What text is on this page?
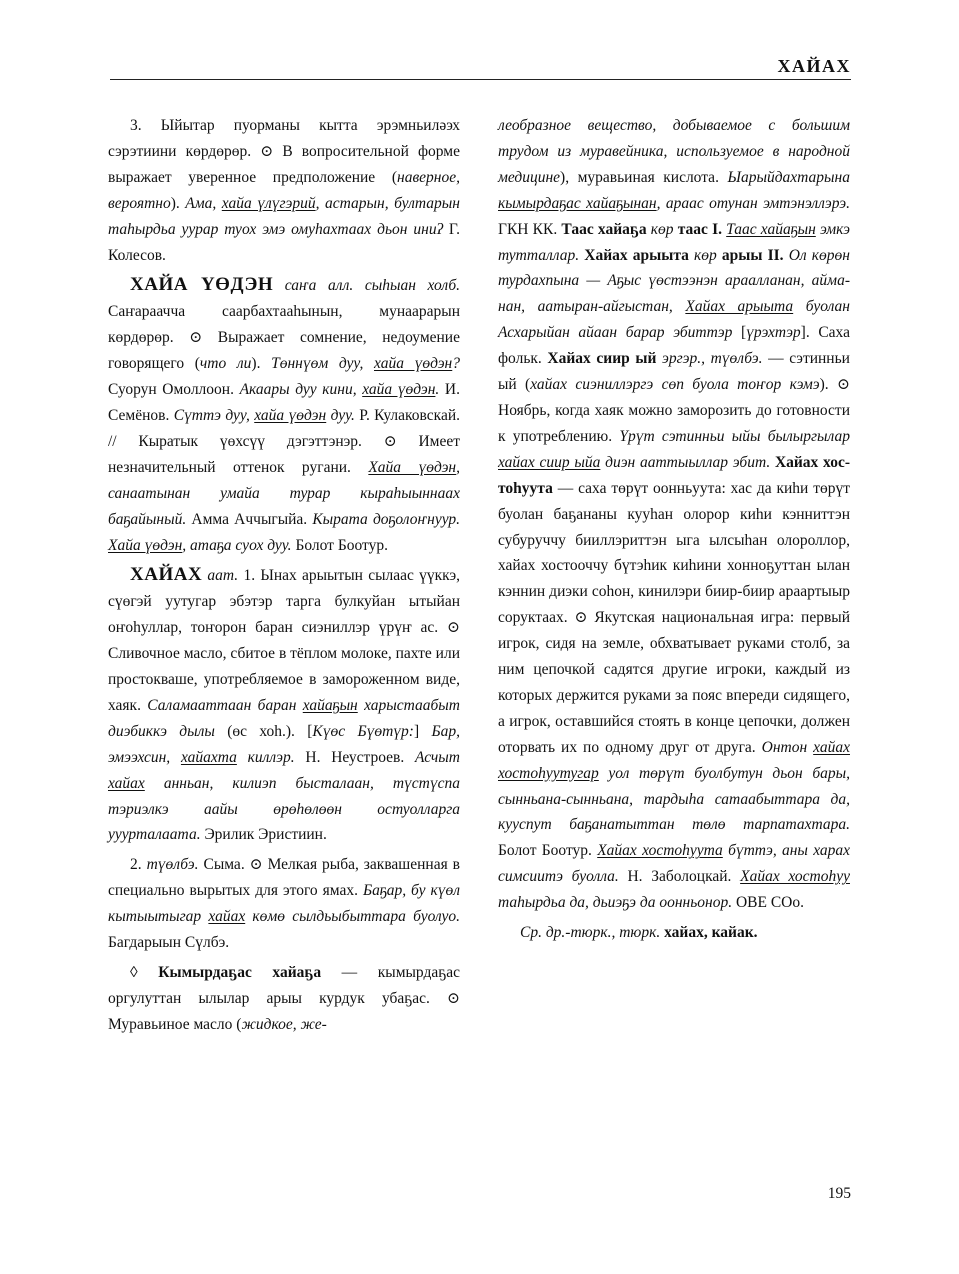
ХАЙАХ

3. Ыйытар пуорманы кытта эрэмньиләэх сэрэтиини көрдөрөр. ⊙ В вопросительной форме выражает уверенное предположение (наверное, вероятно). Ама, хайа үлүгэрий, астарын, бултарын таһырдьа уурар туох эмэ омуһахтаах дьон иниʔ Г. Колесов.

ХАЙА ҮӨДЭН саҥа алл. сыһыан холб. Саҥараачча саарбахтааһынын, мунаарарын көрдөрөр. ⊙ Выражает сомнение, недоумение говорящего (что ли). Төннүөм дуу, хайа үөдэн? Суорун Омоллоон. Акаары дуу кини, хайа үөдэн. И. Семёнов. Сүттэ дуу, хайа үөдэн дуу. Р. Кулаковскай. // Кыратык үөхсүү дэгэттэнэр. ⊙ Имеет незначительный оттенок ругани. Хайа үөдэн, санаатынан умайа турар кыраһыыннаах баҕайыный. Амма Аччыгыйа. Кырата доҕолоҥнуур. Хайа үөдэн, атаҕа суох дуу. Болот Боотур.

ХАЙАХ аат. 1. Ынах арыытын сылаас үүккэ, сүөгэй уутугар эбэтэр тарга булкуйан ытыйан оҥоһуллар, тоҥорон баран сиэниллэр үрүҥ ас. ⊙ Сливочное масло, сбитое в тёплом молоке, пахте или простокваше, употребляемое в замороженном виде, хаяк. Саламааттаан баран хайаҕын харыстаабыт диэбиккэ дылы (өс хоһ.). [Күөс Бүөтүр:] Бар, эмээхсин, хайахта киллэр. Н. Неустроев. Асчыт хайах анньан, килиэп бысталаан, түстүспа тэриэлкэ аайы өрөһөлөөн остуолларга ууурталаата. Эрилик Эристиин.

2. түөлбэ. Сыма. ⊙ Мелкая рыба, заквашенная в специально вырытых для этого ямах. Баҕар, бу күөл кытыытыгар хайах көмө сылдьыбыттара буолуо. Багдарыын Сүлбэ.

◊ Кымырдаҕас хайаҕа — кымырдаҕас оргулуттан ылылар арыы курдук убаҕас. ⊙ Муравьиное масло (жидкое, же-

леобразное вещество, добываемое с большим трудом из муравейника, используемое в народной медицине), муравьиная кислота. Ыарыйдахтарына кымырдаҕас хайаҕынан, араас отунан эмтэнэллэрэ. ГКН КК. Таас хайаҕа көр таас I. Таас хайаҕын эмкэ тутталлар. Хайах арыыта көр арыы II. Ол көрөн турдахпына — Аҕыс үөстээнэн араалланан, айманан, аатыран-айгыстан, Хайах арыыта буолан Асхарыйан айаан барар эбиттэр [үрэхтэр]. Саха фольк. Хайах сиир ый эргэр., түөлбэ. — сэтинньи ый (хайах сиэниллэргэ сөп буола тоҥор кэмэ). ⊙ Ноябрь, когда хаяк можно заморозить до готовности к употреблению. Үрүт сэтинньи ыйы былыргылар хайах сиир ыйа диэн ааттыыллар эбит. Хайах хостоһуута — саха төрүт оонньуута: хас да киһи төрүт буолан баҕананы кууһан олорор киһи кэнниттэн субуруччу бииллэриттэн ыга ылсыһан олороллор, хайах хостооччу бүтэһик киһини хонноҕуттан ылан кэннин диэки соһон, кинилэри биир-биир араартыыр соруктаах. ⊙ Якутская национальная игра: первый игрок, сидя на земле, обхватывает руками столб, за ним цепочкой садятся другие игроки, каждый из которых держится руками за пояс впереди сидящего, а игрок, оставшийся стоять в конце цепочки, должен оторвать их по одному друг от друга. Онтон хайах хостоһуутугар уол төрүт буолбутун дьон бары, сынньана-сынньана, тардыһа сатаабыттара да, кууспут баҕанатыттан төлө тарпатахтара. Болот Боотур. Хайах хостоһуута бүттэ, аны харах симсиитэ буолла. Н. Заболоцкай. Хайах хостоһуу таһырдьа да, дьиэҕэ да оонньонор. ОВЕ СОо.

Ср. др.-тюрк., тюрк. хайах, кайак.

195
